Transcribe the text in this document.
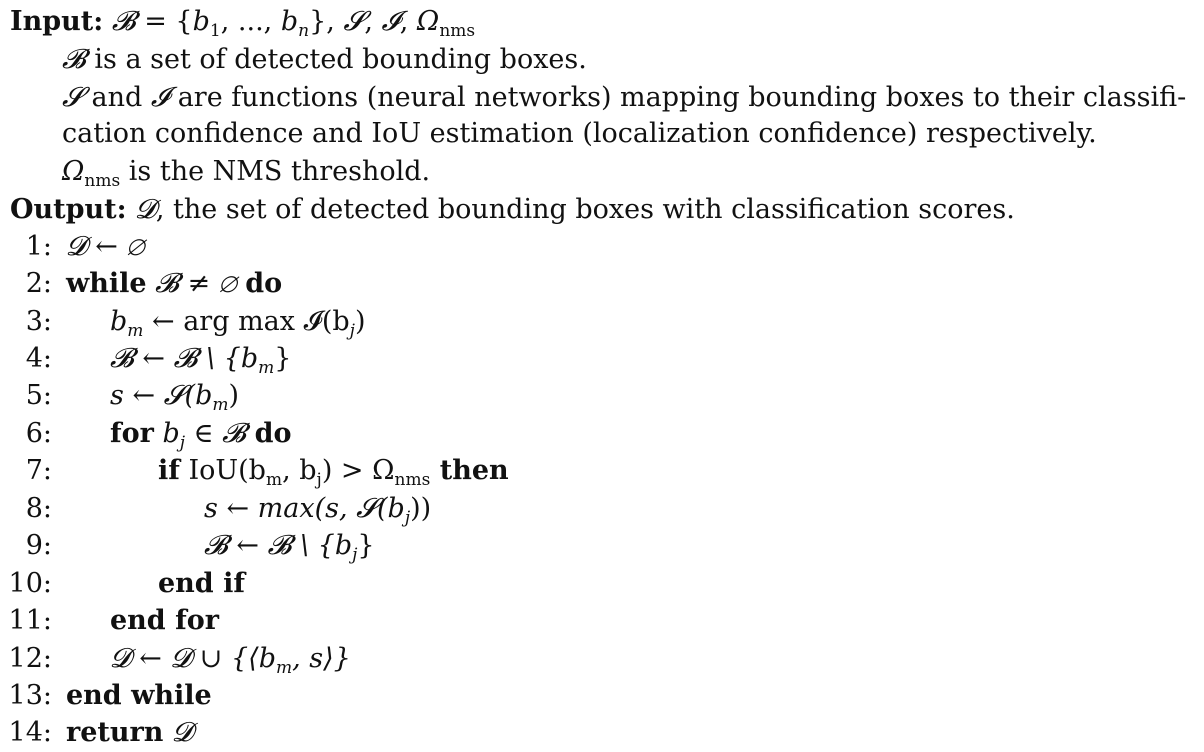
Input: 𝓑 = {$b_1$, ..., $b_n$}, 𝓢, 𝓘, $\Omega_{nms}$
𝓑 is a set of detected bounding boxes.
𝓢 and 𝓘 are functions (neural networks) mapping bounding boxes to their classifi-
cation confidence and IoU estimation (localization confidence) respectively.
$\Omega_{nms}$ is the NMS threshold.
Output: 𝓓, the set of detected bounding boxes with classification scores.
1: 𝓓 ← ∅
2: while 𝓑 ≠ ∅ do
3: $b_m$ ← arg $\max 𝓘(b_j)$
4: 𝓑 ← 𝓑 \ $\{b_m\}$
5: s ← $𝓢(b_m)$
6: for $b_j$ ∈ 𝓑 do
7:	if $IoU(b_m$, $b_j) > \Omega_{nms}$ then
8:	s ← max(s, $𝓢(b_j)$)
9:	𝓑 ← 𝓑 \ $\{b_j\}$
10:	end if
11: end for
12: 𝓓 ← 𝓓 ∪ {$⟨b_m$, s⟩}
13: end while
14: return 𝓓
